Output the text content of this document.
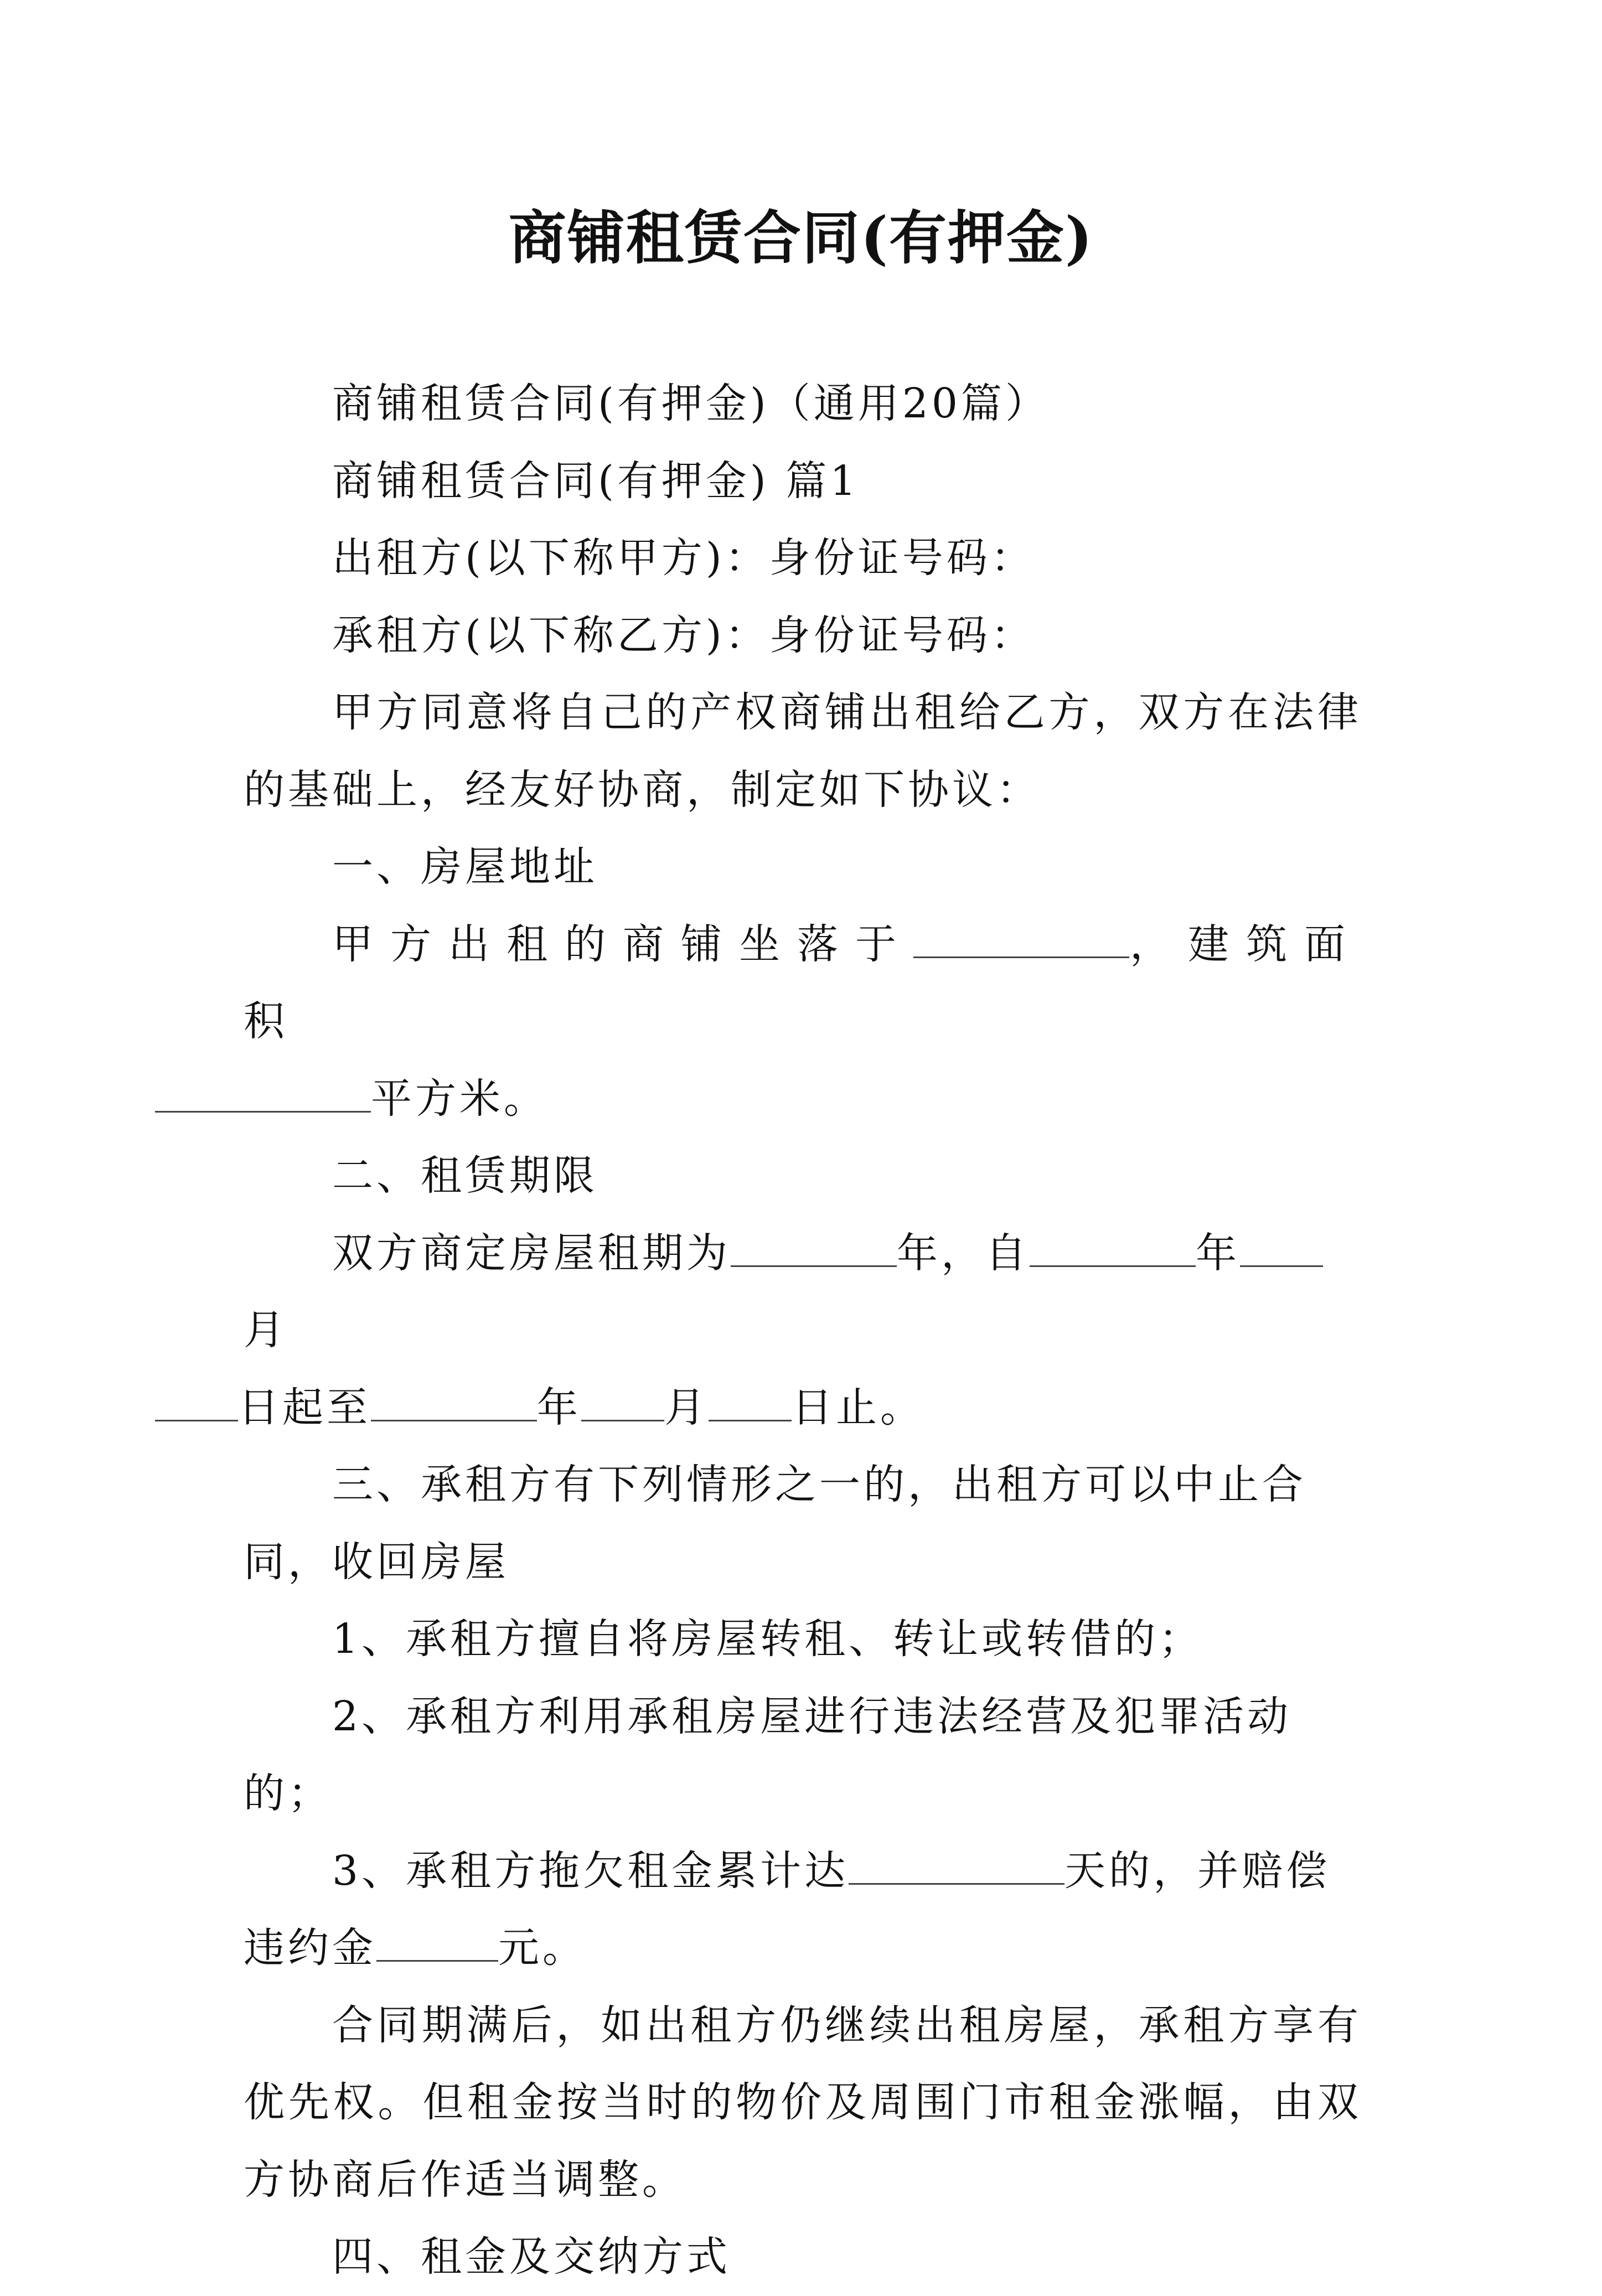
商铺租赁合同(有押金)

商铺租赁合同(有押金)（通用20篇）

商铺租赁合同(有押金) 篇1

出租方(以下称甲方)：身份证号码：

承租方(以下称乙方)：身份证号码：

甲方同意将自己的产权商铺出租给乙方，双方在法律的基础上，经友好协商，制定如下协议：

一、房屋地址

甲方出租的商铺坐落于	，建筑面积

平方米。

二、租赁期限

双方商定房屋租期为	年，自	年月

日起至	年 月 日止。

三、承租方有下列情形之一的，出租方可以中止合同，收回房屋

1、承租方擅自将房屋转租、转让或转借的；

2、承租方利用承租房屋进行违法经营及犯罪活动的；

3、承租方拖欠租金累计达	天的，并赔偿违约金	元。

合同期满后，如出租方仍继续出租房屋，承租方享有优先权。但租金按当时的物价及周围门市租金涨幅，由双方协商后作适当调整。

四、租金及交纳方式
